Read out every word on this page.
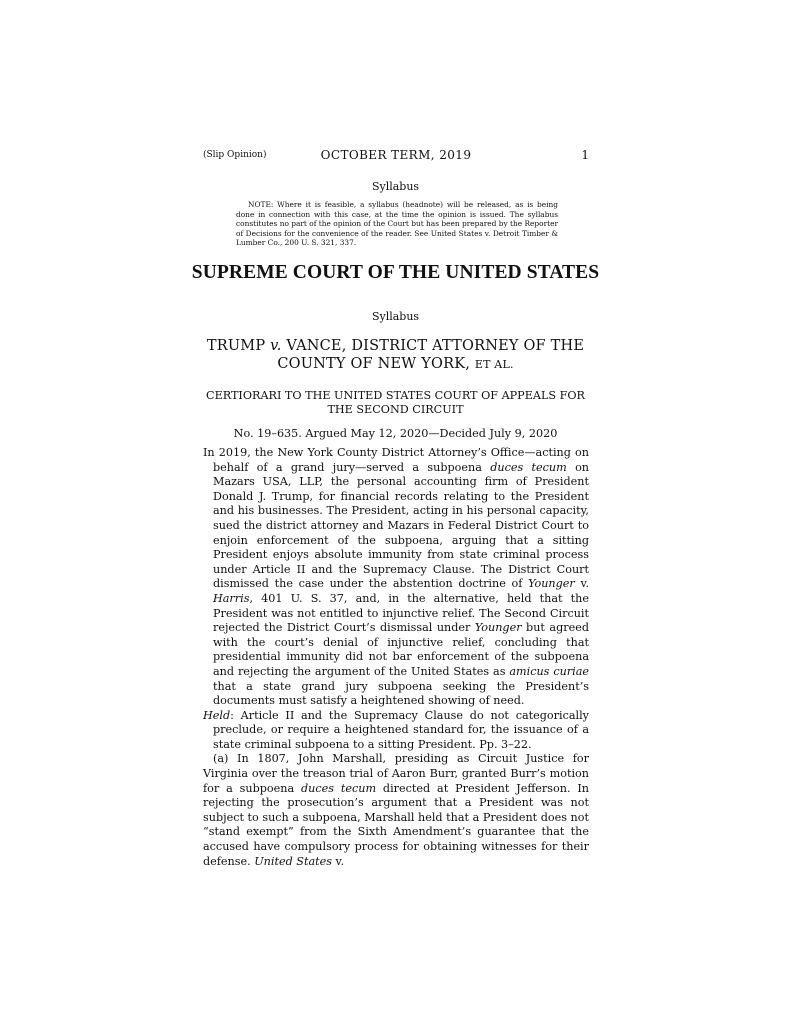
(Slip Opinion)	OCTOBER TERM, 2019	1
Syllabus
NOTE: Where it is feasible, a syllabus (headnote) will be released, as is being done in connection with this case, at the time the opinion is issued. The syllabus constitutes no part of the opinion of the Court but has been prepared by the Reporter of Decisions for the convenience of the reader. See United States v. Detroit Timber & Lumber Co., 200 U. S. 321, 337.
SUPREME COURT OF THE UNITED STATES
Syllabus
TRUMP v. VANCE, DISTRICT ATTORNEY OF THE
COUNTY OF NEW YORK, ET AL.
CERTIORARI TO THE UNITED STATES COURT OF APPEALS FOR THE SECOND CIRCUIT
No. 19–635. Argued May 12, 2020—Decided July 9, 2020

In 2019, the New York County District Attorney’s Office—acting on behalf of a grand jury—served a subpoena duces tecum on Mazars USA, LLP, the personal accounting firm of President Donald J. Trump, for financial records relating to the President and his businesses. The President, acting in his personal capacity, sued the district attorney and Mazars in Federal District Court to enjoin enforcement of the subpoena, arguing that a sitting President enjoys absolute immunity from state criminal process under Article II and the Supremacy Clause. The District Court dismissed the case under the abstention doctrine of Younger v. Harris, 401 U. S. 37, and, in the alternative, held that the President was not entitled to injunctive relief. The Second Circuit rejected the District Court’s dismissal under Younger but agreed with the court’s denial of injunctive relief, concluding that presidential immunity did not bar enforcement of the subpoena and rejecting the argument of the United States as amicus curiae that a state grand jury subpoena seeking the President’s documents must satisfy a heightened showing of need.

Held: Article II and the Supremacy Clause do not categorically preclude, or require a heightened standard for, the issuance of a state criminal subpoena to a sitting President. Pp. 3–22.

(a) In 1807, John Marshall, presiding as Circuit Justice for Virginia over the treason trial of Aaron Burr, granted Burr’s motion for a subpoena duces tecum directed at President Jefferson. In rejecting the prosecution’s argument that a President was not subject to such a subpoena, Marshall held that a President does not “stand exempt” from the Sixth Amendment’s guarantee that the accused have compulsory process for obtaining witnesses for their defense. United States v.
